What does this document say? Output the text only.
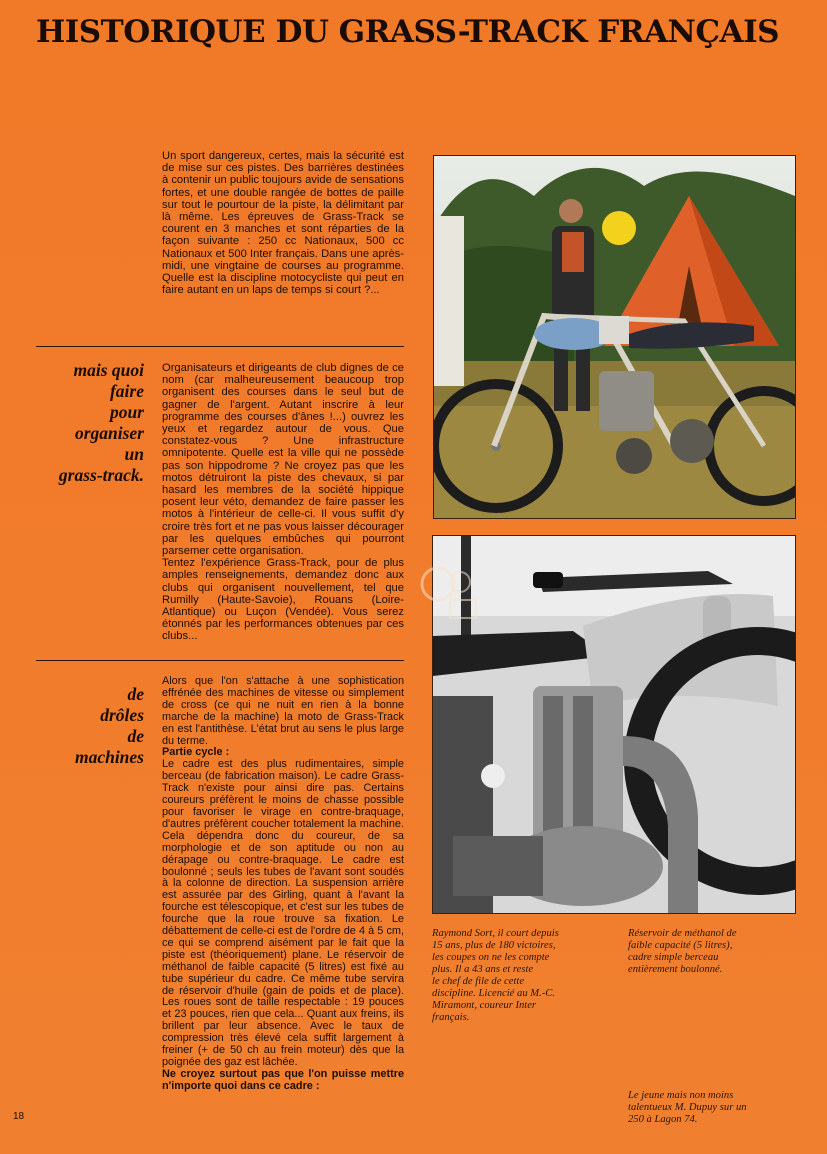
HISTORIQUE DU GRASS-TRACK FRANÇAIS

Un sport dangereux, certes, mais la sécurité est de mise sur ces pistes. Des barrières destinées à contenir un public toujours avide de sensations fortes, et une double rangée de bottes de paille sur tout le pourtour de la piste, la délimitant par là même. Les épreuves de Grass-Track se courent en 3 manches et sont réparties de la façon suivante : 250 cc Nationaux, 500 cc Nationaux et 500 Inter français. Dans une après-midi, une vingtaine de courses au programme. Quelle est la discipline motocycliste qui peut en faire autant en un laps de temps si court ?...

mais quoi
faire
pour
organiser
un
grass-track.

Organisateurs et dirigeants de club dignes de ce nom (car malheureusement beaucoup trop organisent des courses dans le seul but de gagner de l'argent. Autant inscrire à leur programme des courses d'ânes !...) ouvrez les yeux et regardez autour de vous. Que constatez-vous ? Une infrastructure omnipotente. Quelle est la ville qui ne possède pas son hippodrome ? Ne croyez pas que les motos détruiront la piste des chevaux, si par hasard les membres de la société hippique posent leur véto, demandez de faire passer les motos à l'intérieur de celle-ci. Il vous suffit d'y croire très fort et ne pas vous laisser décourager par les quelques embûches qui pourront parsemer cette organisation.

Tentez l'expérience Grass-Track, pour de plus amples renseignements, demandez donc aux clubs qui organisent nouvellement, tel que Rumilly (Haute-Savoie), Rouans (Loire-Atlantique) ou Luçon (Vendée). Vous serez étonnés par les performances obtenues par ces clubs...

de
drôles
de
machines

Alors que l'on s'attache à une sophistication effrénée des machines de vitesse ou simplement de cross (ce qui ne nuit en rien à la bonne marche de la machine) la moto de Grass-Track en est l'antithèse. L'état brut au sens le plus large du terme.

Partie cycle :

Le cadre est des plus rudimentaires, simple berceau (de fabrication maison). Le cadre Grass-Track n'existe pour ainsi dire pas. Certains coureurs préfèrent le moins de chasse possible pour favoriser le virage en contre-braquage, d'autres préfèrent coucher totalement la machine. Cela dépendra donc du coureur, de sa morphologie et de son aptitude ou non au dérapage ou contre-braquage. Le cadre est boulonné ; seuls les tubes de l'avant sont soudés à la colonne de direction. La suspension arrière est assurée par des Girling, quant à l'avant la fourche est télescopique, et c'est sur les tubes de fourche que la roue trouve sa fixation. Le débattement de celle-ci est de l'ordre de 4 à 5 cm, ce qui se comprend aisément par le fait que la piste est (théoriquement) plane. Le réservoir de méthanol de faible capacité (5 litres) est fixé au tube supérieur du cadre. Ce même tube servira de réservoir d'huile (gain de poids et de place). Les roues sont de taille respectable : 19 pouces et 23 pouces, rien que cela... Quant aux freins, ils brillent par leur absence. Avec le taux de compression très élevé cela suffit largement à freiner (+ de 50 ch au frein moteur) dès que la poignée des gaz est lâchée.

Ne croyez surtout pas que l'on puisse mettre n'importe quoi dans ce cadre :

Raymond Sort, il court depuis
15 ans, plus de 180 victoires,
les coupes on ne les compte
plus. Il a 43 ans et reste
le chef de file de cette
discipline. Licencié au M.-C.
Miramont, coureur Inter
français.
Réservoir de méthanol de
faible capacité (5 litres),
cadre simple berceau
entièrement boulonné.
Le jeune mais non moins
talentueux M. Dupuy sur un
250 à Lagon 74.
18
